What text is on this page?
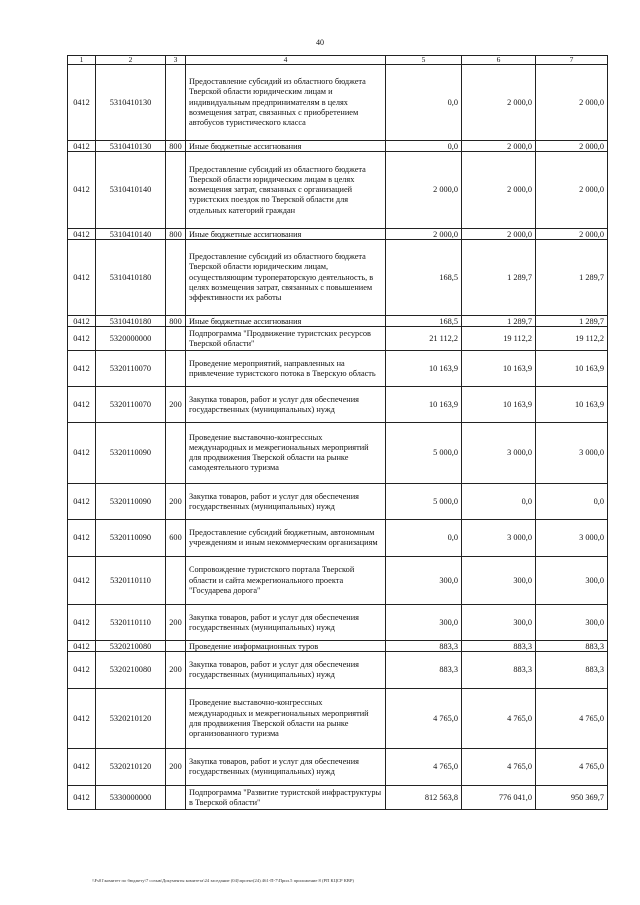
40
1	2	3	4	5	6	7
0412	5310410130		Предоставление субсидий из областного бюджета Тверской области юридическим лицам и индивидуальным предпринимателям в целях возмещения затрат, связанных с приобретением автобусов туристического класса	0,0	2 000,0	2 000,0
0412	5310410130	800	Иные бюджетные ассигнования	0,0	2 000,0	2 000,0
0412	5310410140		Предоставление субсидий из областного бюджета Тверской области юридическим лицам в целях возмещения затрат, связанных с организацией туристских поездок по Тверской области для отдельных категорий граждан	2 000,0	2 000,0	2 000,0
0412	5310410140	800	Иные бюджетные ассигнования	2 000,0	2 000,0	2 000,0
0412	5310410180		Предоставление субсидий из областного бюджета Тверской области юридическим лицам, осуществляющим туроператорскую деятельность, в целях возмещения затрат, связанных с повышением эффективности их работы	168,5	1 289,7	1 289,7
0412	5310410180	800	Иные бюджетные ассигнования	168,5	1 289,7	1 289,7
0412	5320000000		Подпрограмма "Продвижение туристских ресурсов Тверской области"	21 112,2	19 112,2	19 112,2
0412	5320110070		Проведение мероприятий, направленных на привлечение туристского потока в Тверскую область	10 163,9	10 163,9	10 163,9
0412	5320110070	200	Закупка товаров, работ и услуг для обеспечения государственных (муниципальных) нужд	10 163,9	10 163,9	10 163,9
0412	5320110090		Проведение выставочно-конгрессных международных и межрегиональных мероприятий для продвижения Тверской области на рынке самодеятельного туризма	5 000,0	3 000,0	3 000,0
0412	5320110090	200	Закупка товаров, работ и услуг для обеспечения государственных (муниципальных) нужд	5 000,0	0,0	0,0
0412	5320110090	600	Предоставление субсидий бюджетным, автономным учреждениям и иным некоммерческим организациям	0,0	3 000,0	3 000,0
0412	5320110110		Сопровождение туристского портала Тверской области и сайта межрегионального проекта "Государева дорога"	300,0	300,0	300,0
0412	5320110110	200	Закупка товаров, работ и услуг для обеспечения государственных (муниципальных) нужд	300,0	300,0	300,0
0412	5320210080		Проведение информационных туров	883,3	883,3	883,3
0412	5320210080	200	Закупка товаров, работ и услуг для обеспечения государственных (муниципальных) нужд	883,3	883,3	883,3
0412	5320210120		Проведение выставочно-конгрессных международных и межрегиональных мероприятий для продвижения Тверской области на рынке организованного туризма	4 765,0	4 765,0	4 765,0
0412	5320210120	200	Закупка товаров, работ и услуг для обеспечения государственных (муниципальных) нужд	4 765,0	4 765,0	4 765,0
0412	5330000000		Подпрограмма "Развитие туристской инфраструктуры в Тверской области"	812 563,8	776 041,0	950 369,7
\\Fs01\комитет по бюджету\7 созыв\Документы комитета\24 заседание (04)\проект(24) 461-П-7\Прил.5 приложение 8 (РП КЦСР КВР)
